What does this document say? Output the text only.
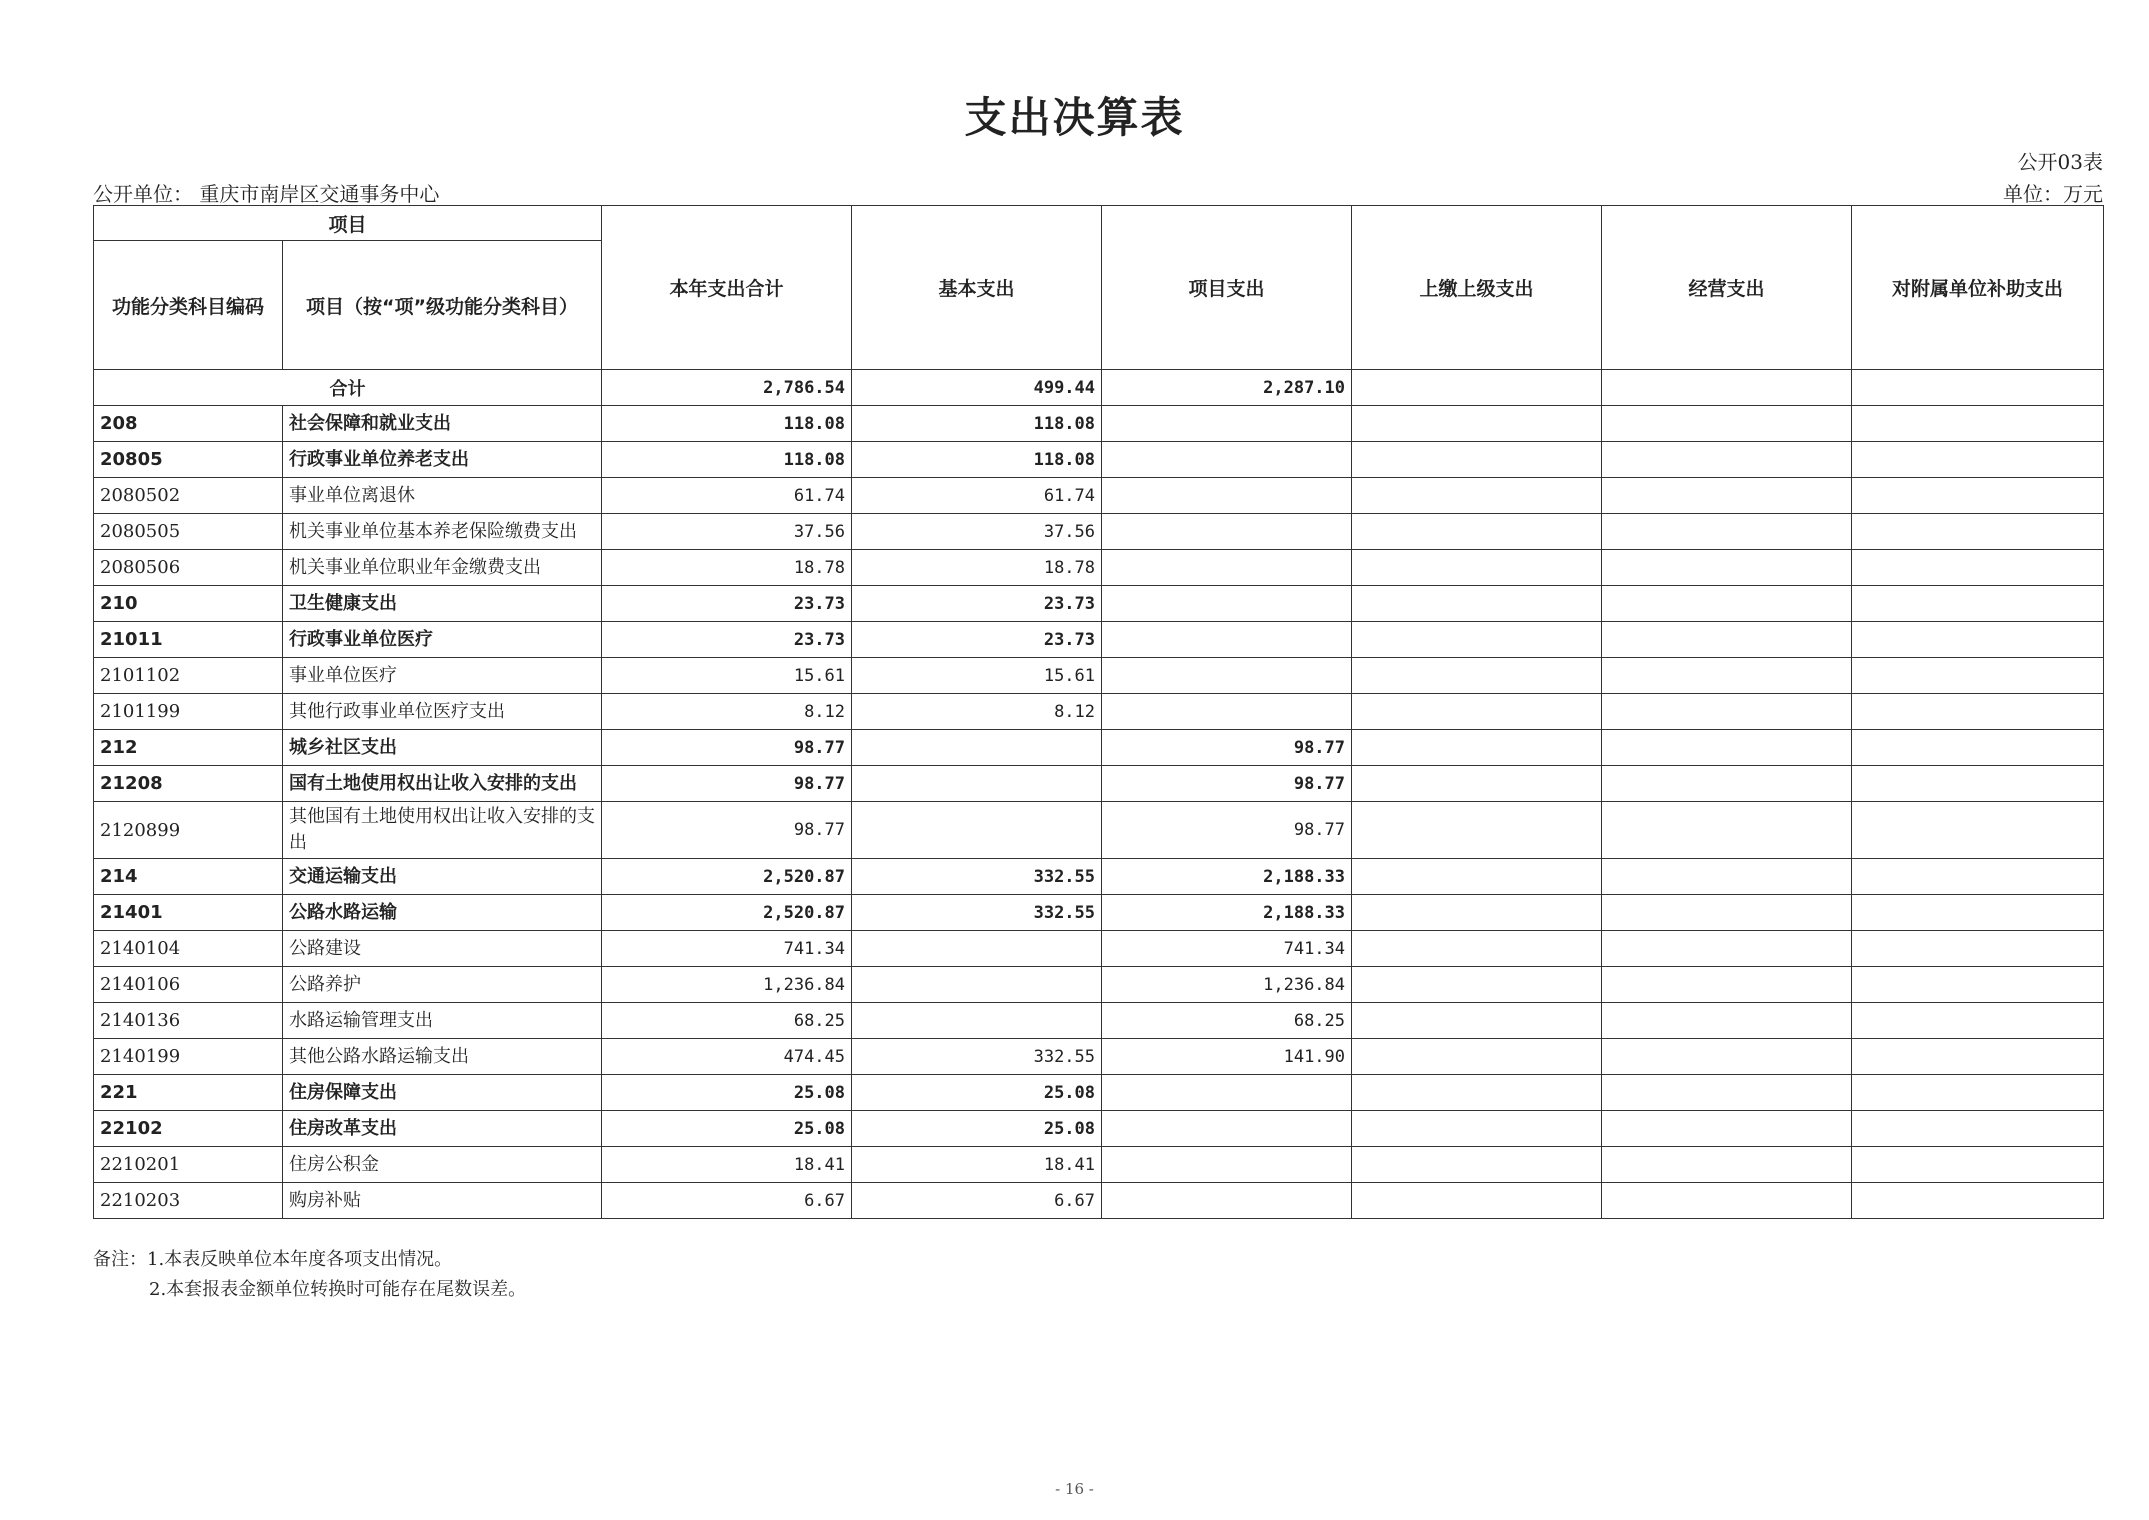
支出决算表
公开03表
公开单位： 重庆市南岸区交通事务中心	单位：万元
项目		本年支出合计	基本支出	项目支出	上缴上级支出	经营支出	对附属单位补助支出
功能分类科目编码	项目（按“项”级功能分类科目）						
合计		2,786.54	499.44	2,287.10			
208	社会保障和就业支出	118.08	118.08				
20805	行政事业单位养老支出	118.08	118.08				
2080502	事业单位离退休	61.74	61.74				
2080505	机关事业单位基本养老保险缴费支出	37.56	37.56				
2080506	机关事业单位职业年金缴费支出	18.78	18.78				
210	卫生健康支出	23.73	23.73				
21011	行政事业单位医疗	23.73	23.73				
2101102	事业单位医疗	15.61	15.61				
2101199	其他行政事业单位医疗支出	8.12	8.12				
212	城乡社区支出	98.77		98.77			
21208	国有土地使用权出让收入安排的支出	98.77		98.77			
2120899	其他国有土地使用权出让收入安排的支出	98.77		98.77			
214	交通运输支出	2,520.87	332.55	2,188.33			
21401	公路水路运输	2,520.87	332.55	2,188.33			
2140104	公路建设	741.34		741.34			
2140106	公路养护	1,236.84		1,236.84			
2140136	水路运输管理支出	68.25		68.25			
2140199	其他公路水路运输支出	474.45	332.55	141.90			
221	住房保障支出	25.08	25.08				
22102	住房改革支出	25.08	25.08				
2210201	住房公积金	18.41	18.41				
2210203	购房补贴	6.67	6.67				
备注：1.本表反映单位本年度各项支出情况。
2.本套报表金额单位转换时可能存在尾数误差。
- 16 -
